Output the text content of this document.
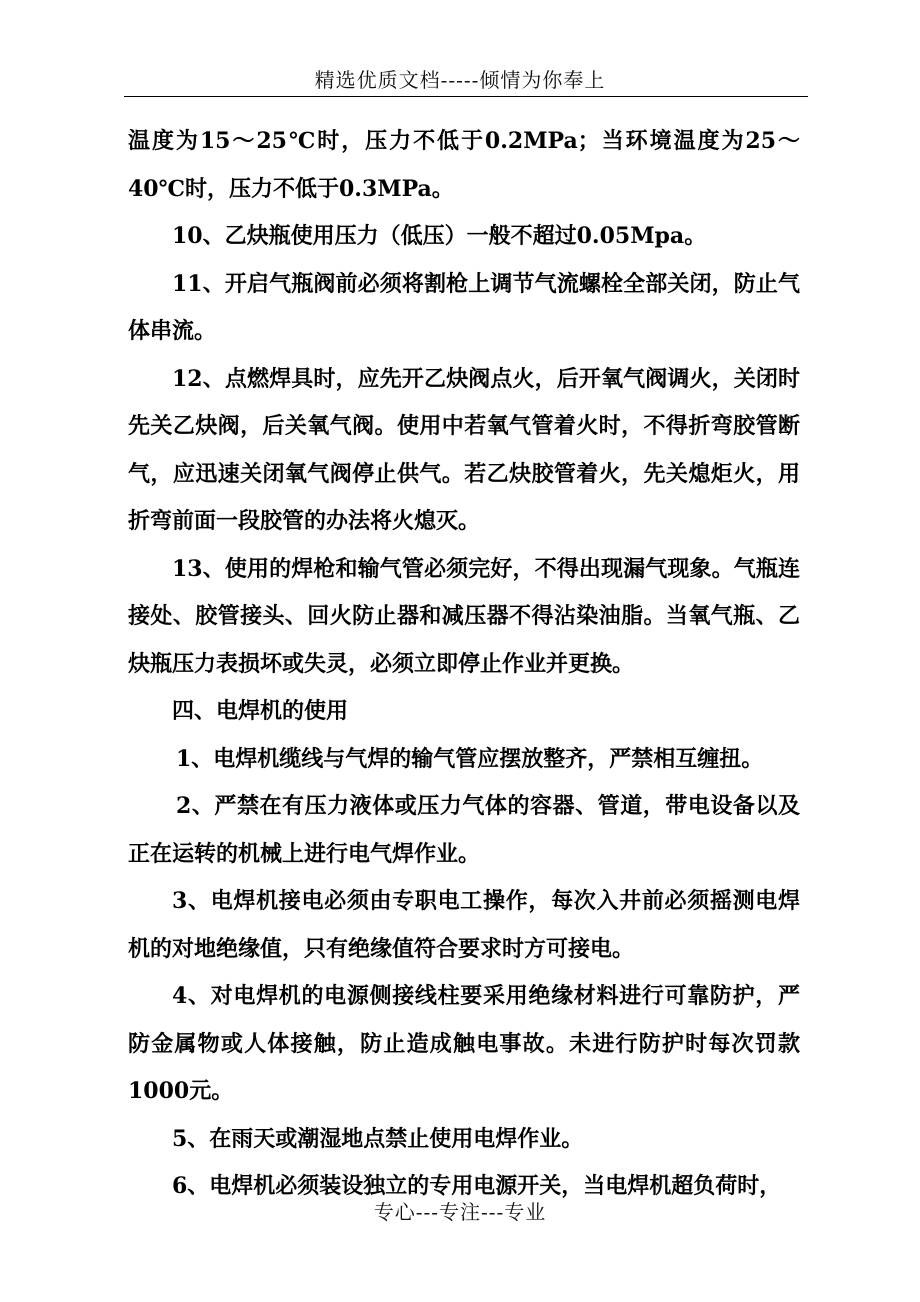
精选优质文档-----倾情为你奉上

温度为15～25℃时，压力不低于0.2MPa；当环境温度为25～40℃时，压力不低于0.3MPa。

10、乙炔瓶使用压力（低压）一般不超过0.05Mpa。

11、开启气瓶阀前必须将割枪上调节气流螺栓全部关闭，防止气体串流。

12、点燃焊具时，应先开乙炔阀点火，后开氧气阀调火，关闭时先关乙炔阀，后关氧气阀。使用中若氧气管着火时，不得折弯胶管断气，应迅速关闭氧气阀停止供气。若乙炔胶管着火，先关熄炬火，用折弯前面一段胶管的办法将火熄灭。

13、使用的焊枪和输气管必须完好，不得出现漏气现象。气瓶连接处、胶管接头、回火防止器和减压器不得沾染油脂。当氧气瓶、乙炔瓶压力表损坏或失灵，必须立即停止作业并更换。

四、电焊机的使用

1、电焊机缆线与气焊的输气管应摆放整齐，严禁相互缠扭。

2、严禁在有压力液体或压力气体的容器、管道，带电设备以及正在运转的机械上进行电气焊作业。

3、电焊机接电必须由专职电工操作，每次入井前必须摇测电焊机的对地绝缘值，只有绝缘值符合要求时方可接电。

4、对电焊机的电源侧接线柱要采用绝缘材料进行可靠防护，严防金属物或人体接触，防止造成触电事故。未进行防护时每次罚款1000元。

5、在雨天或潮湿地点禁止使用电焊作业。

6、电焊机必须装设独立的专用电源开关，当电焊机超负荷时，

专心---专注---专业
